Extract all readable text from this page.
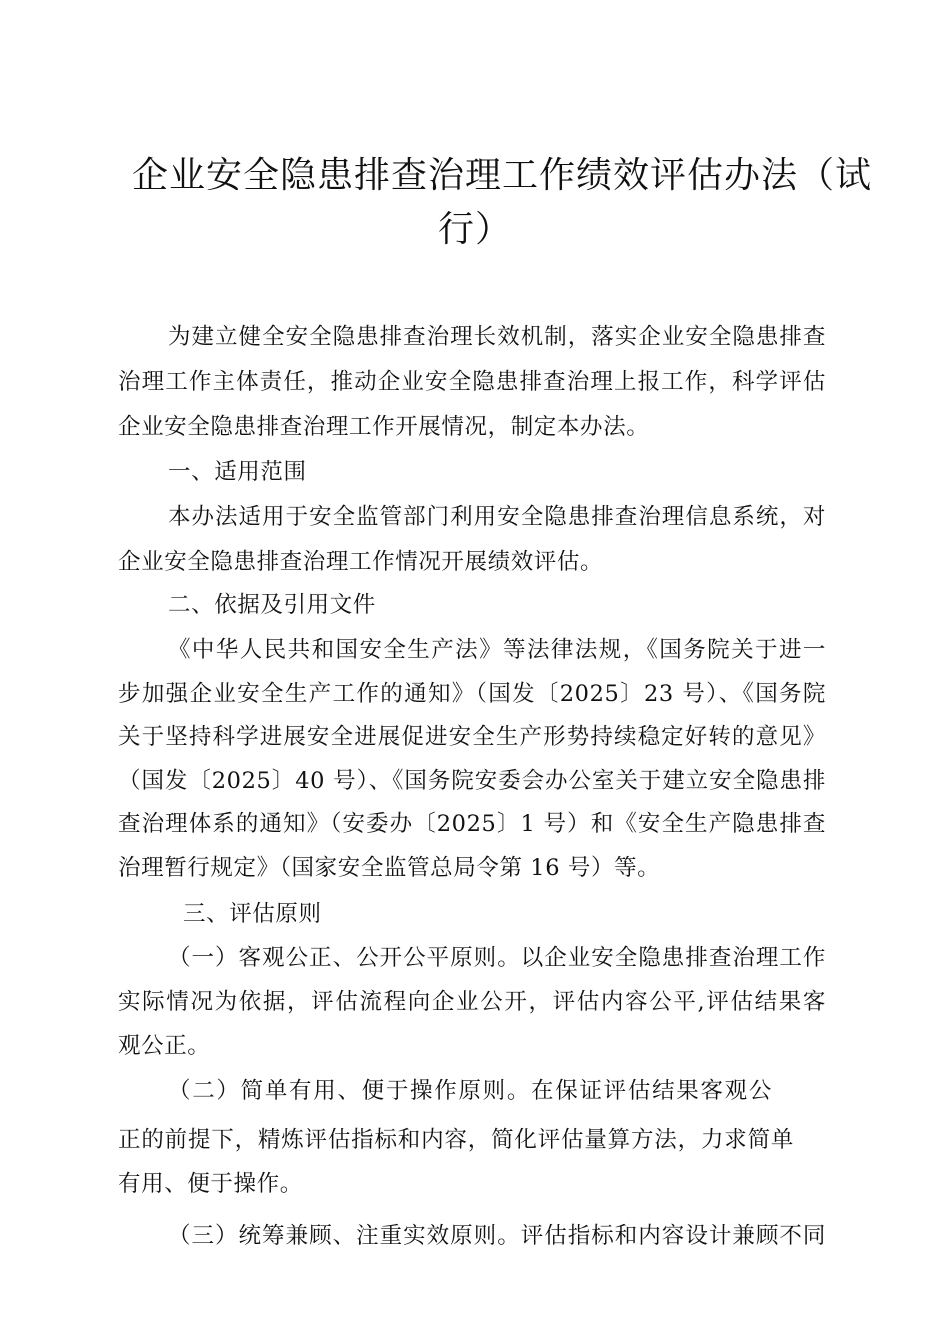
企业安全隐患排查治理工作绩效评估办法（试
行）
为建立健全安全隐患排查治理长效机制，落实企业安全隐患排查
治理工作主体责任，推动企业安全隐患排查治理上报工作，科学评估
企业安全隐患排查治理工作开展情况，制定本办法。
一、适用范围
本办法适用于安全监管部门利用安全隐患排查治理信息系统，对
企业安全隐患排查治理工作情况开展绩效评估。
二、依据及引用文件
《中华人民共和国安全生产法》等法律法规，《国务院关于进一
步加强企业安全生产工作的通知》（国发〔2025〕23 号）、《国务院
关于坚持科学进展安全进展促进安全生产形势持续稳定好转的意见》
（国发〔2025〕40 号）、《国务院安委会办公室关于建立安全隐患排
查治理体系的通知》（安委办〔2025〕1 号）和《安全生产隐患排查
治理暂行规定》（国家安全监管总局令第 16 号）等。
三、评估原则
（一）客观公正、公开公平原则。以企业安全隐患排查治理工作
实际情况为依据，评估流程向企业公开，评估内容公平,评估结果客
观公正。
（二）简单有用、便于操作原则。在保证评估结果客观公
正的前提下，精炼评估指标和内容，简化评估量算方法，力求简单
有用、便于操作。
（三）统筹兼顾、注重实效原则。评估指标和内容设计兼顾不同
